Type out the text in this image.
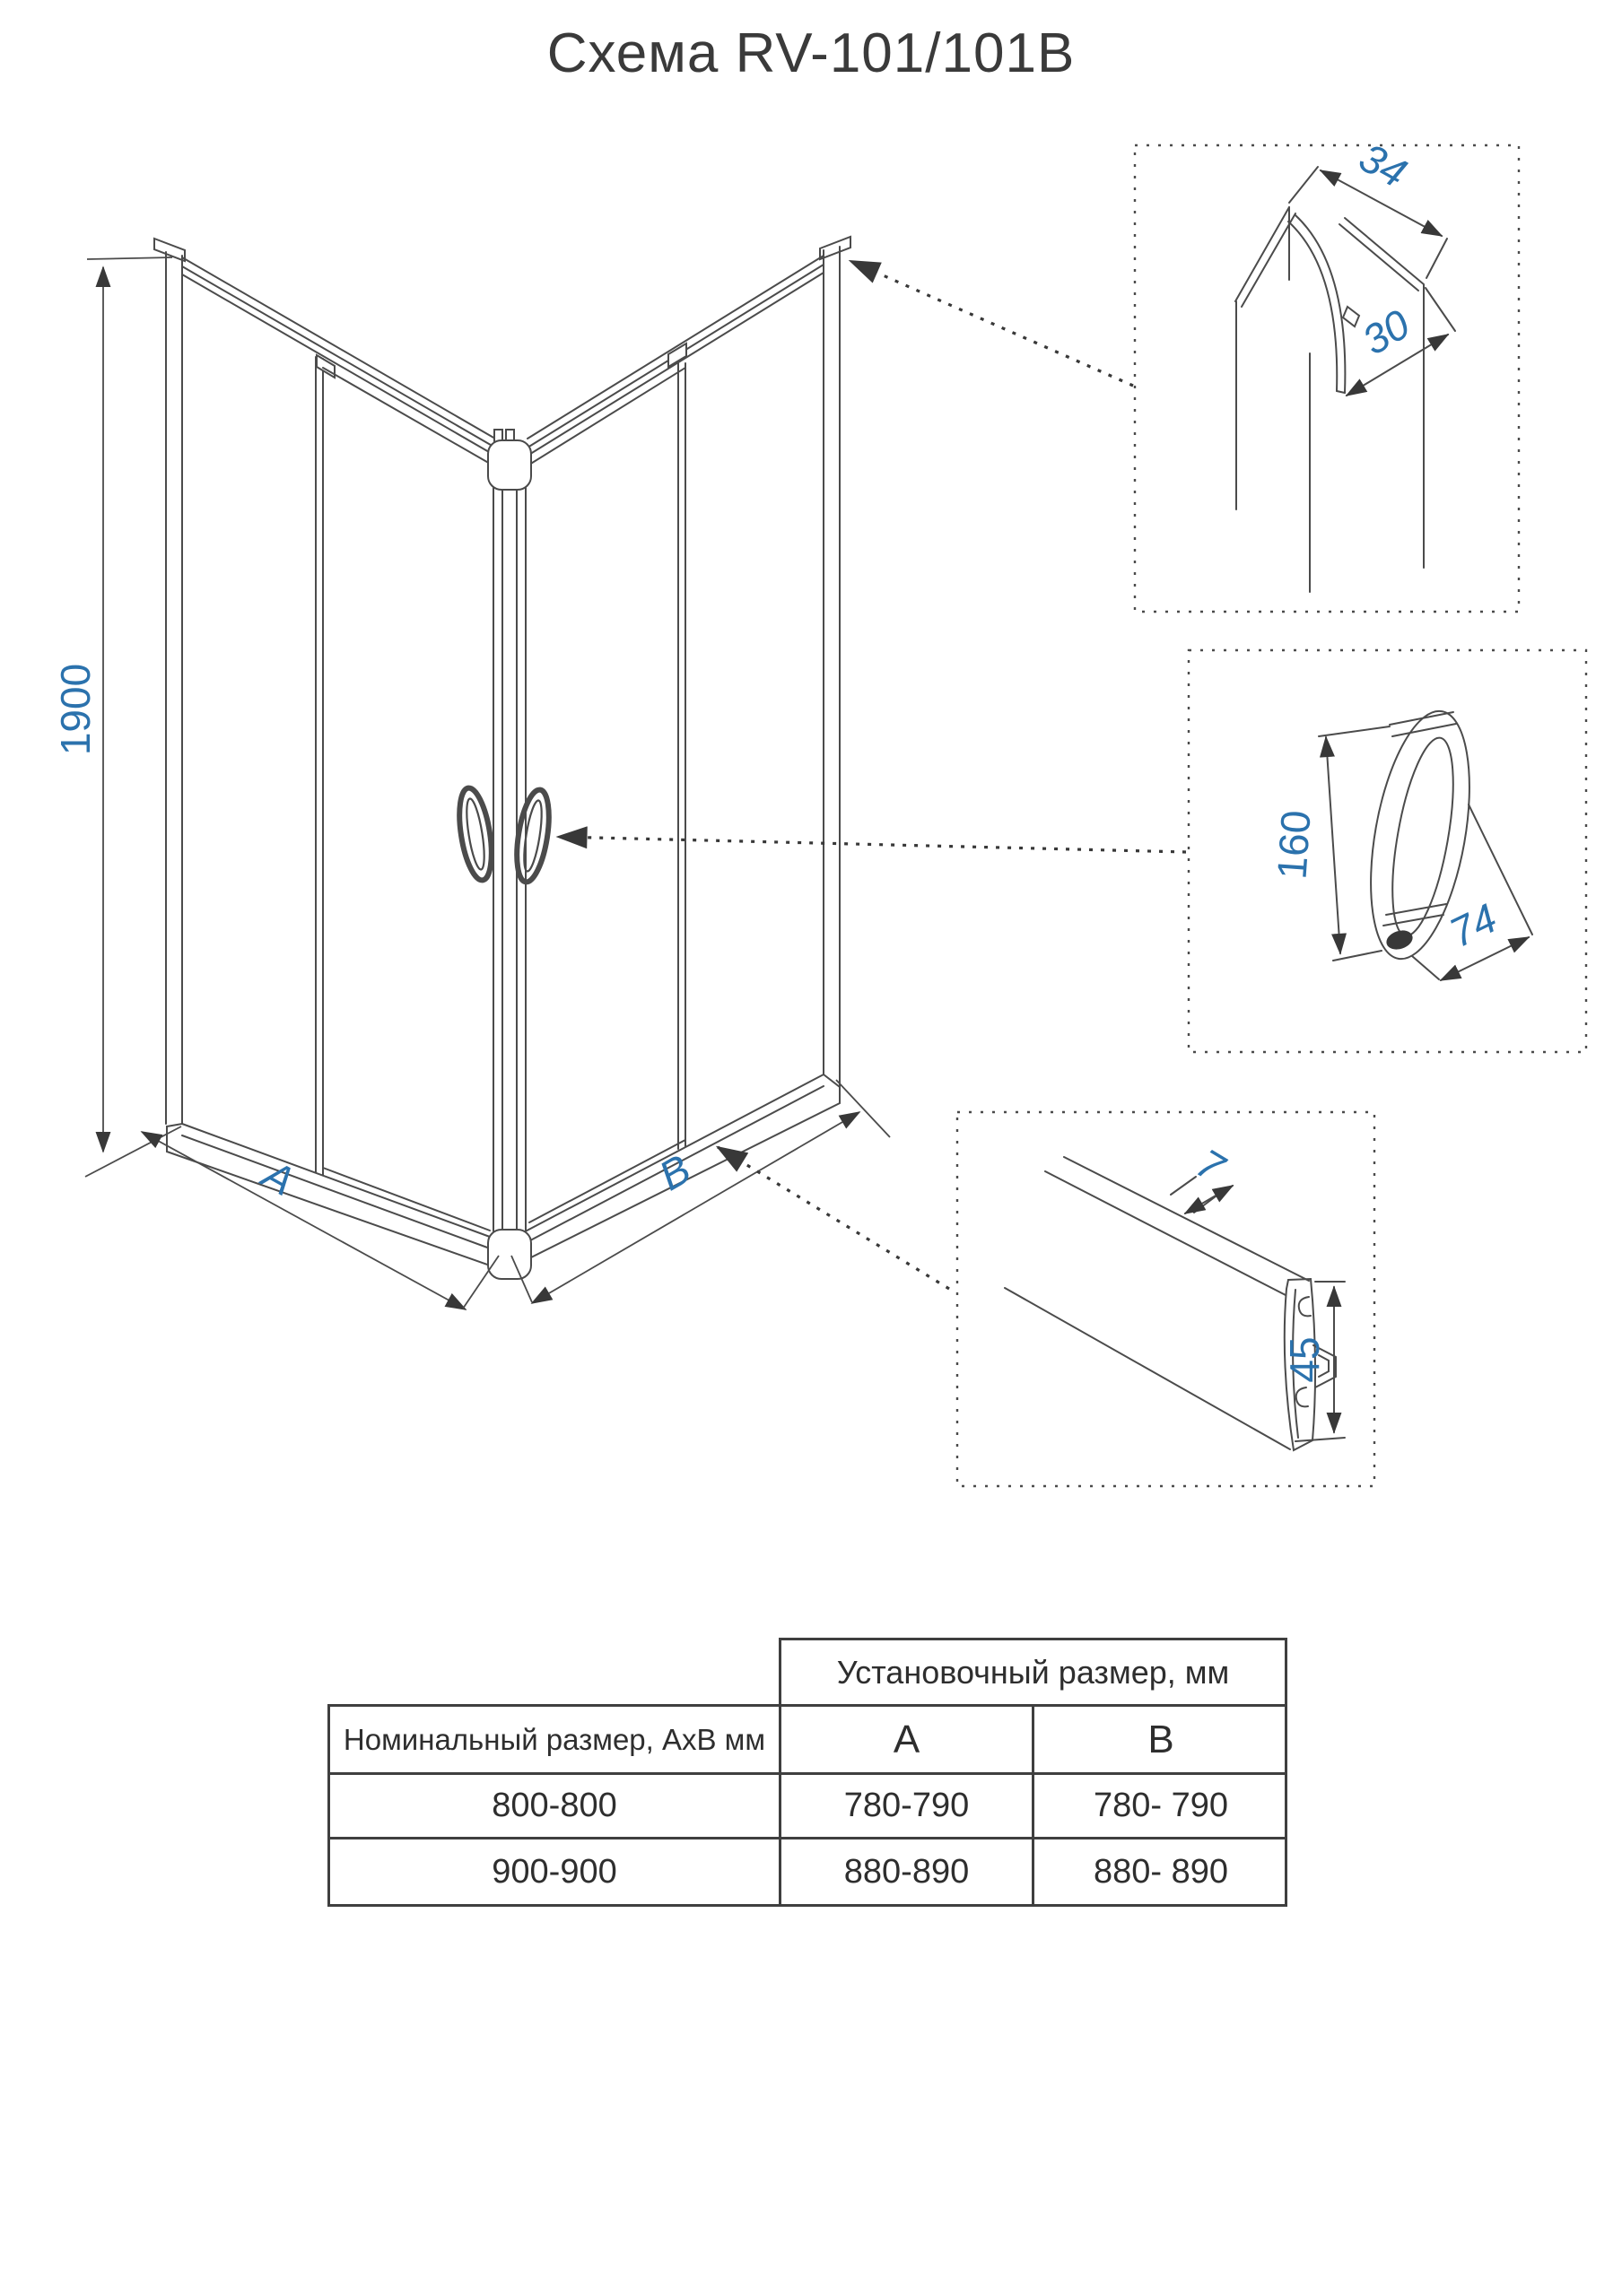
Схема RV-101/101B
1900
A	B
34
30
160
74
7
45
Установочный размер, мм
Номинальный размер, АхВ мм	A	B
800-800	780-790	780- 790
900-900	880-890	880- 890
